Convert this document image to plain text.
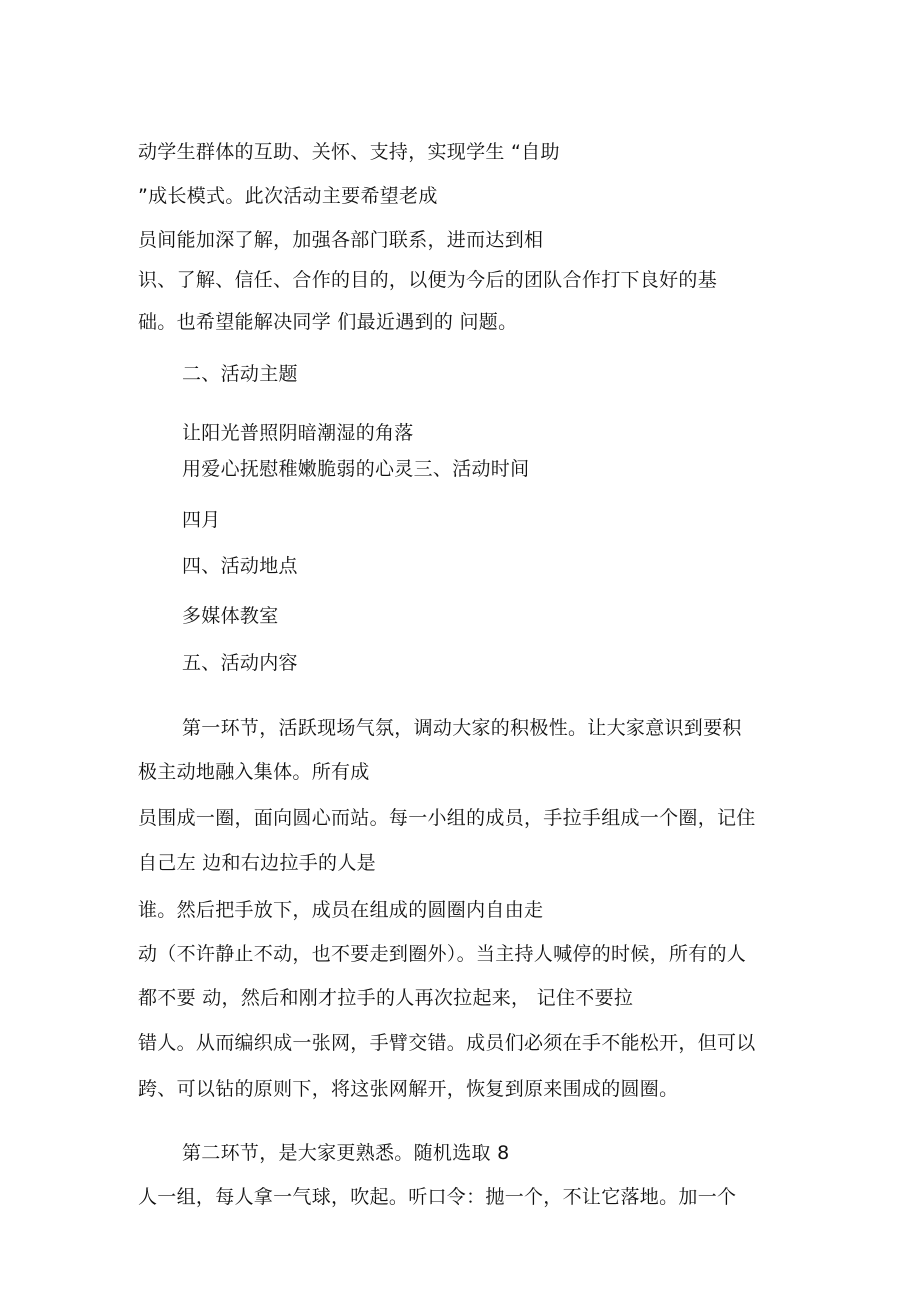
动学生群体的互助、关怀、支持，实现学生 “自助

”成长模式。此次活动主要希望老成

员间能加深了解，加强各部门联系，进而达到相

识、了解、信任、合作的目的，以便为今后的团队合作打下良好的基

础。也希望能解决同学 们最近遇到的 问题。

二、活动主题

让阳光普照阴暗潮湿的角落

用爱心抚慰稚嫩脆弱的心灵三、活动时间

四月

四、活动地点

多媒体教室

五、活动内容

第一环节，活跃现场气氛，调动大家的积极性。让大家意识到要积

极主动地融入集体。所有成

员围成一圈，面向圆心而站。每一小组的成员，手拉手组成一个圈，记住

自己左 边和右边拉手的人是

谁。然后把手放下，成员在组成的圆圈内自由走

动（不许静止不动，也不要走到圈外）。当主持人喊停的时候，所有的人

都不要 动，然后和刚才拉手的人再次拉起来， 记住不要拉

错人。从而编织成一张网，手臂交错。成员们必须在手不能松开，但可以

跨、可以钻的原则下，将这张网解开，恢复到原来围成的圆圈。

第二环节，是大家更熟悉。随机选取 8

人一组，每人拿一气球，吹起。听口令：抛一个，不让它落地。加一个
